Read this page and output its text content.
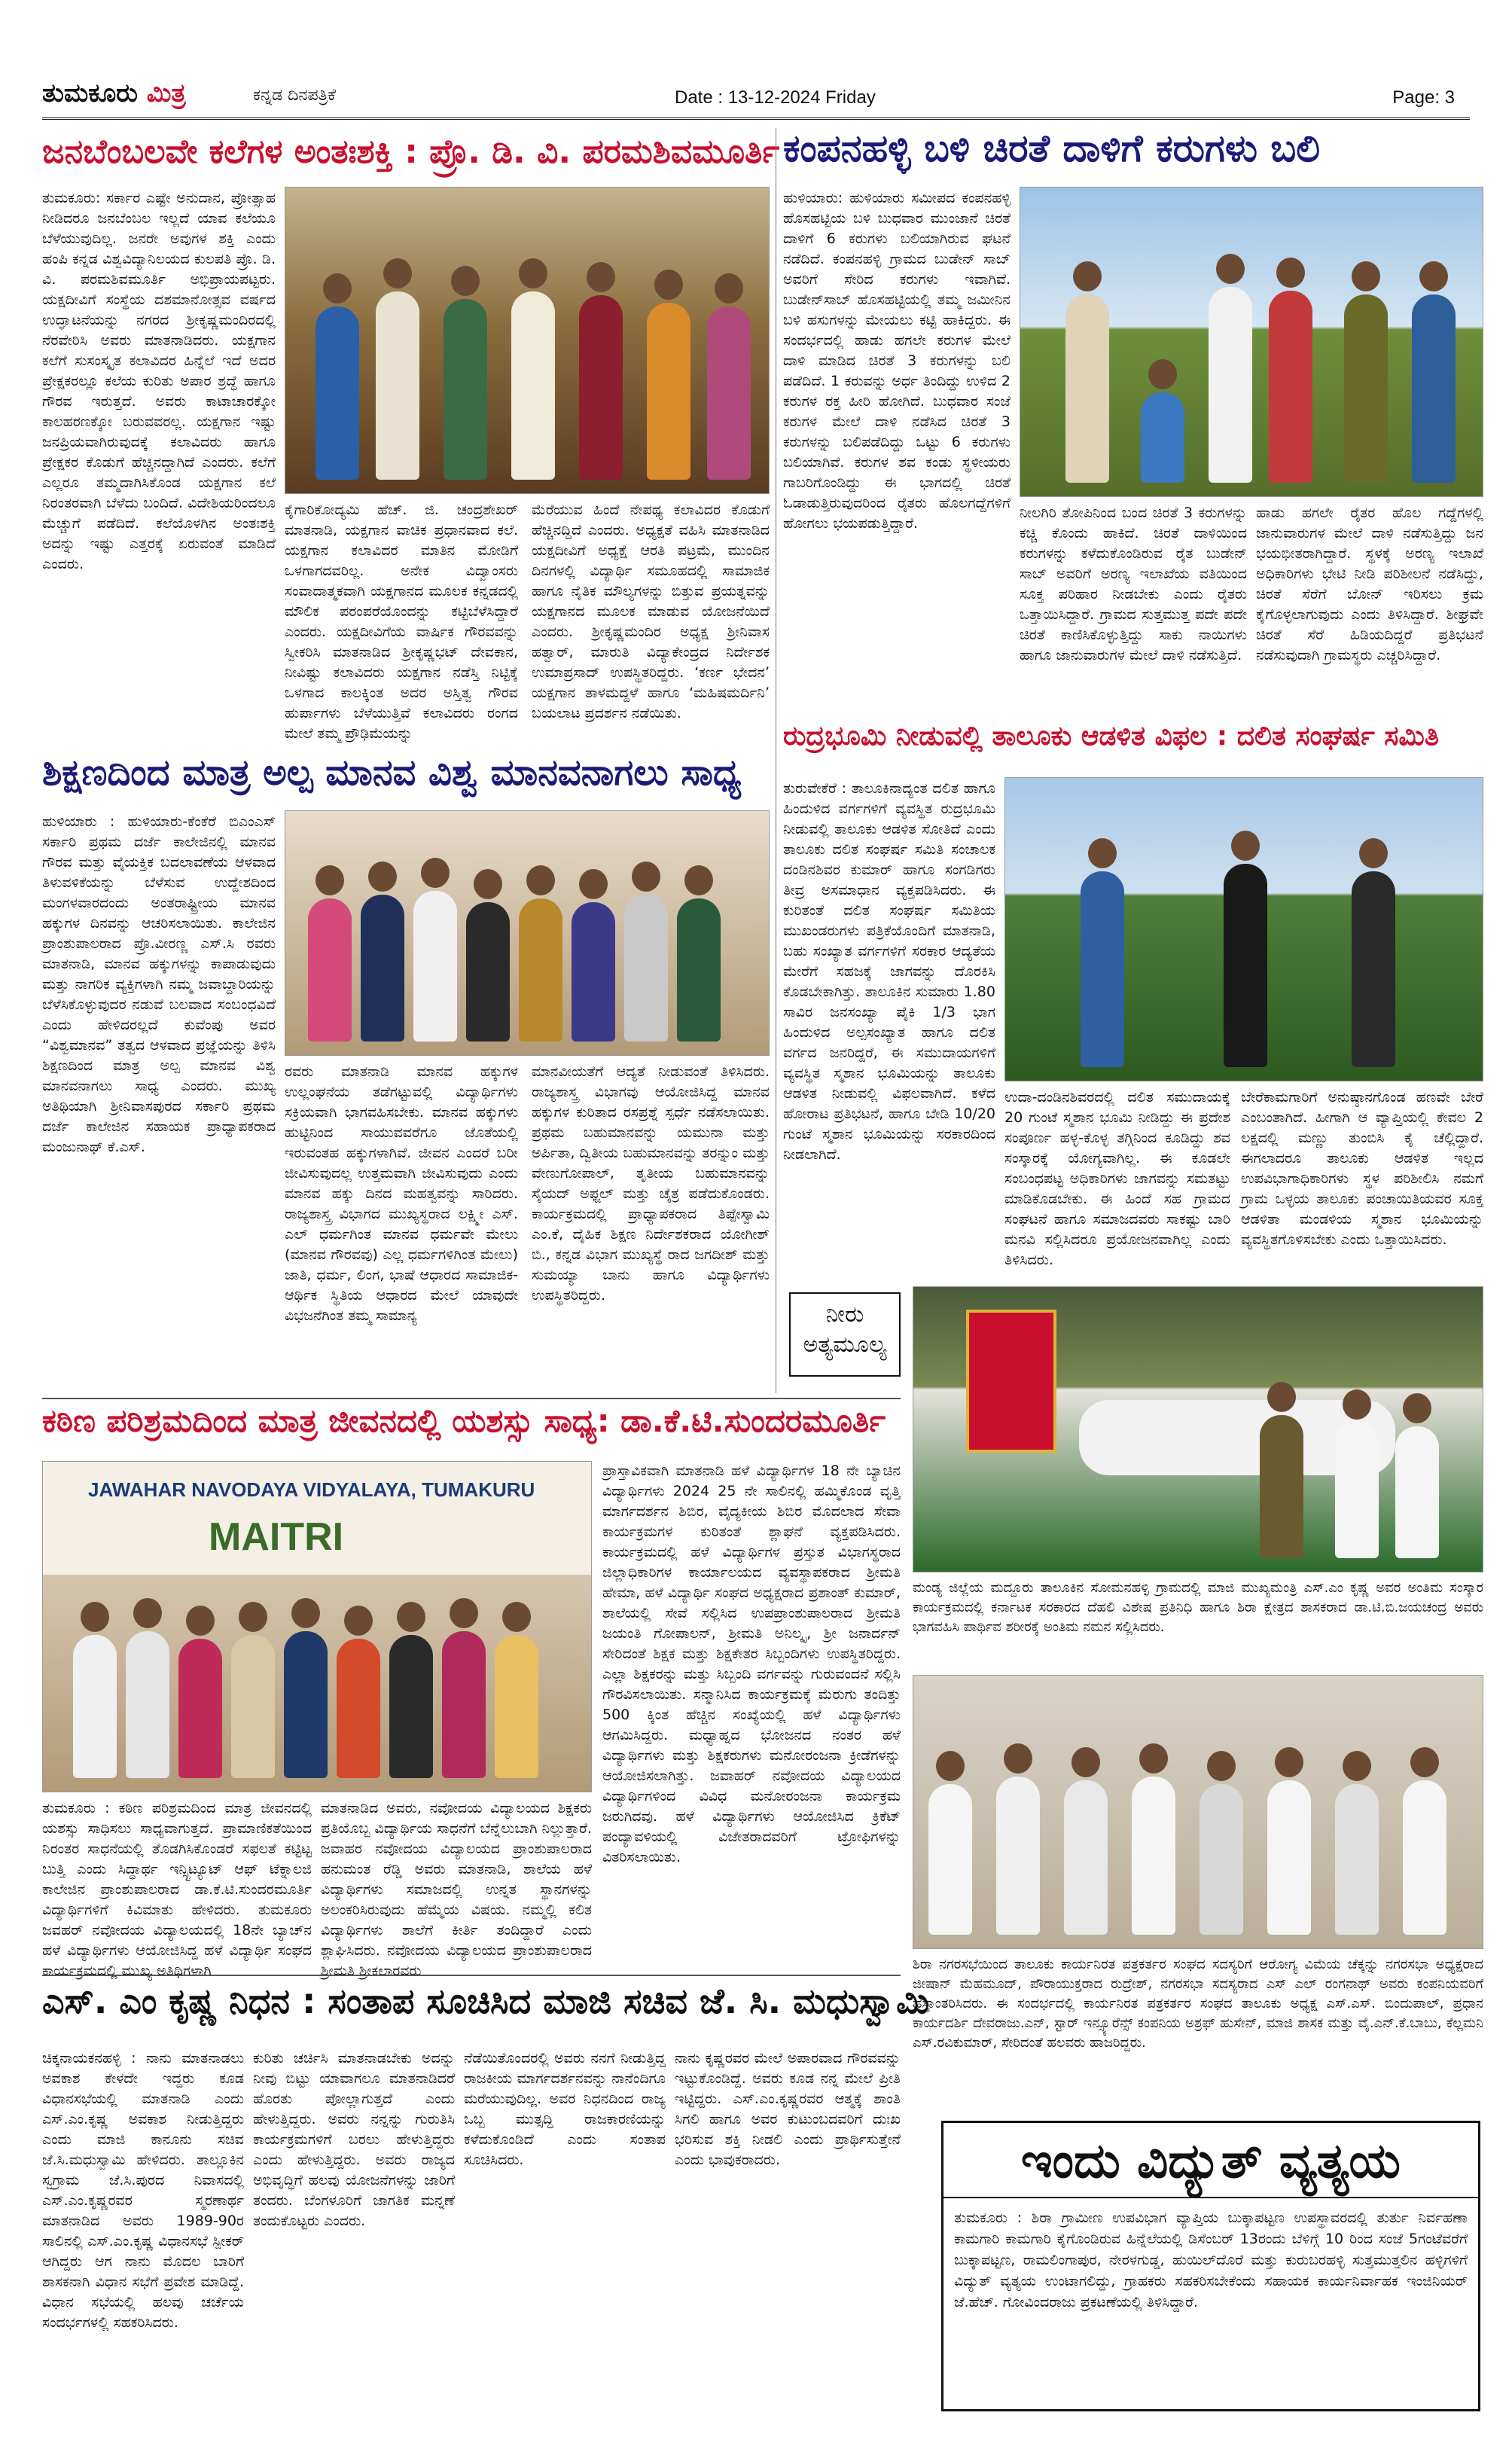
ತುಮಕೂರು ಮಿತ್ರ	ಕನ್ನಡ ದಿನಪತ್ರಿಕೆ	Date : 13-12-2024 Friday	Page: 3
ಜನಬೆಂಬಲವೇ ಕಲೆಗಳ ಅಂತಃಶಕ್ತಿ : ಪ್ರೊ. ಡಿ. ವಿ. ಪರಮಶಿವಮೂರ್ತಿ
ತುಮಕೂರು: ಸರ್ಕಾರ ಎಷ್ಟೇ ಅನುದಾನ, ಪ್ರೋತ್ಸಾಹ ನೀಡಿದರೂ ಜನಬೆಂಬಲ ಇಲ್ಲದೆ ಯಾವ ಕಲೆಯೂ ಬೆಳೆಯುವುದಿಲ್ಲ. ಜನರೇ ಅವುಗಳ ಶಕ್ತಿ ಎಂದು ಹಂಪಿ ಕನ್ನಡ ವಿಶ್ವವಿದ್ಯಾನಿಲಯದ ಕುಲಪತಿ ಪ್ರೊ. ಡಿ. ವಿ. ಪರಮಶಿವಮೂರ್ತಿ ಅಭಿಪ್ರಾಯಪಟ್ಟರು. ಯಕ್ಷದೀವಿಗೆ ಸಂಸ್ಥೆಯ ದಶಮಾನೋತ್ಸವ ವರ್ಷದ ಉದ್ಘಾಟನೆಯನ್ನು ನಗರದ ಶ್ರೀಕೃಷ್ಣಮಂದಿರದಲ್ಲಿ ನೆರವೇರಿಸಿ ಅವರು ಮಾತನಾಡಿದರು. ಯಕ್ಷಗಾನ ಕಲೆಗೆ ಸುಸಂಸ್ಕೃತ ಕಲಾವಿದರ ಹಿನ್ನೆಲೆ ಇದೆ ಅದರ ಪ್ರೇಕ್ಷಕರಲ್ಲೂ ಕಲೆಯ ಕುರಿತು ಅಪಾರ ಶ್ರದ್ಧೆ ಹಾಗೂ ಗೌರವ ಇರುತ್ತದೆ. ಅವರು ಕಾಟಾಚಾರಕ್ಕೋ ಕಾಲಹರಣಕ್ಕೋ ಬರುವವರಲ್ಲ. ಯಕ್ಷಗಾನ ಇಷ್ಟು ಜನಪ್ರಿಯವಾಗಿರುವುದಕ್ಕೆ ಕಲಾವಿದರು ಹಾಗೂ ಪ್ರೇಕ್ಷಕರ ಕೊಡುಗೆ ಹೆಚ್ಚಿನದ್ದಾಗಿದೆ ಎಂದರು. ಕಲೆಗೆ ಎಲ್ಲರೂ ತಮ್ಮದಾಗಿಸಿಕೊಂಡ ಯಕ್ಷಗಾನ ಕಲೆ ನಿರಂತರವಾಗಿ ಬೆಳೆದು ಬಂದಿದೆ. ವಿದೇಶಿಯರಿಂದಲೂ ಮೆಚ್ಚುಗೆ ಪಡೆದಿದೆ. ಕಲೆಯೊಳಗಿನ ಅಂತಃಶಕ್ತಿ ಅದನ್ನು ಇಷ್ಟು ಎತ್ತರಕ್ಕೆ ಏರುವಂತೆ ಮಾಡಿದೆ ಎಂದರು.
ಕೈಗಾರಿಕೋದ್ಯಮಿ ಹೆಚ್. ಜಿ. ಚಂದ್ರಶೇಖರ್ ಮಾತನಾಡಿ, ಯಕ್ಷಗಾನ ವಾಚಿಕ ಪ್ರಧಾನವಾದ ಕಲೆ. ಯಕ್ಷಗಾನ ಕಲಾವಿದರ ಮಾತಿನ ಮೋಡಿಗೆ ಒಳಗಾಗದವರಿಲ್ಲ. ಅನೇಕ ವಿದ್ವಾಂಸರು ಸಂವಾದಾತ್ಮಕವಾಗಿ ಯಕ್ಷಗಾನದ ಮೂಲಕ ಕನ್ನಡದಲ್ಲಿ ಮೌಲಿಕ ಪರಂಪರೆಯೊಂದನ್ನು ಕಟ್ಟಿಬೆಳೆಸಿದ್ದಾರೆ ಎಂದರು. ಯಕ್ಷದೀವಿಗೆಯ ವಾರ್ಷಿಕ ಗೌರವವನ್ನು ಸ್ವೀಕರಿಸಿ ಮಾತನಾಡಿದ ಶ್ರೀಕೃಷ್ಣಭಟ್ ದೇವಕಾನ, ನೀವಿಷ್ಟು ಕಲಾವಿದರು ಯಕ್ಷಗಾನ ನಡೆಸ್ತಿ ನಿಟ್ಟಿಕ್ಕೆ ಒಳಗಾದ ಕಾಲಕ್ಕಿಂತ ಅದರ ಅಸ್ತಿತ್ವ ಗೌರವ ಹುರ್ಪಾಗಳು ಬೆಳೆಯುತ್ತಿವೆ ಕಲಾವಿದರು ರಂಗದ ಮೇಲೆ ತಮ್ಮ ಪ್ರೌಢಿಮೆಯನ್ನು
ಮೆರೆಯುವ ಹಿಂದೆ ನೇಪಥ್ಯ ಕಲಾವಿದರ ಕೊಡುಗೆ ಹೆಚ್ಚಿನದ್ದಿದೆ ಎಂದರು. ಅಧ್ಯಕ್ಷತೆ ವಹಿಸಿ ಮಾತನಾಡಿದ ಯಕ್ಷದೀವಿಗೆ ಅಧ್ಯಕ್ಷೆ ಆರತಿ ಪಟ್ರಮೆ, ಮುಂದಿನ ದಿನಗಳಲ್ಲಿ ವಿದ್ಯಾರ್ಥಿ ಸಮೂಹದಲ್ಲಿ ಸಾಮಾಜಿಕ ಹಾಗೂ ನೈತಿಕ ಮೌಲ್ಯಗಳನ್ನು ಬಿತ್ತುವ ಪ್ರಯತ್ನವನ್ನು ಯಕ್ಷಗಾನದ ಮೂಲಕ ಮಾಡುವ ಯೋಜನೆಯಿದೆ ಎಂದರು. ಶ್ರೀಕೃಷ್ಣಮಂದಿರ ಅಧ್ಯಕ್ಷ ಶ್ರೀನಿವಾಸ ಹತ್ವಾರ್, ಮಾರುತಿ ವಿದ್ಯಾಕೇಂದ್ರದ ನಿರ್ದೇಶಕ ಉಮಾಪ್ರಸಾದ್ ಉಪಸ್ಥಿತರಿದ್ದರು. ‘ಕರ್ಣ ಭೇದನ’ ಯಕ್ಷಗಾನ ತಾಳಮದ್ದಳೆ ಹಾಗೂ ‘ಮಹಿಷಮರ್ದಿನಿ’ ಬಯಲಾಟ ಪ್ರದರ್ಶನ ನಡೆಯಿತು.
ಕಂಪನಹಳ್ಳಿ ಬಳಿ ಚಿರತೆ ದಾಳಿಗೆ ಕರುಗಳು ಬಲಿ
ಹುಳಿಯಾರು: ಹುಳಿಯಾರು ಸಮೀಪದ ಕಂಪನಹಳ್ಳಿ ಹೊಸಹಟ್ಟಿಯ ಬಳಿ ಬುಧವಾರ ಮುಂಜಾನೆ ಚಿರತೆ ದಾಳಿಗೆ 6 ಕರುಗಳು ಬಲಿಯಾಗಿರುವ ಘಟನೆ ನಡೆದಿದೆ. ಕಂಪನಹಳ್ಳಿ ಗ್ರಾಮದ ಬುಡೇನ್ ಸಾಬ್ ಅವರಿಗೆ ಸೇರಿದ ಕರುಗಳು ಇವಾಗಿವೆ. ಬುಡೇನ್‌ಸಾಬ್ ಹೊಸಹಟ್ಟಿಯಲ್ಲಿ ತಮ್ಮ ಜಮೀನಿನ ಬಳಿ ಹಸುಗಳನ್ನು ಮೇಯಲು ಕಟ್ಟಿ ಹಾಕಿದ್ದರು. ಈ ಸಂದರ್ಭದಲ್ಲಿ ಹಾಡು ಹಗಲೇ ಕರುಗಳ ಮೇಲೆ ದಾಳಿ ಮಾಡಿದ ಚಿರತೆ 3 ಕರುಗಳನ್ನು ಬಲಿ ಪಡೆದಿದೆ. 1 ಕರುವನ್ನು ಅರ್ಧ ತಿಂದಿದ್ದು ಉಳಿದ 2 ಕರುಗಳ ರಕ್ತ ಹೀರಿ ಹೋಗಿದೆ. ಬುಧವಾರ ಸಂಜೆ ಕರುಗಳ ಮೇಲೆ ದಾಳಿ ನಡೆಸಿದ ಚಿರತೆ 3 ಕರುಗಳನ್ನು ಬಲಿಪಡೆದಿದ್ದು ಒಟ್ಟು 6 ಕರುಗಳು ಬಲಿಯಾಗಿವೆ. ಕರುಗಳ ಶವ ಕಂಡು ಸ್ಥಳೀಯರು ಗಾಬರಿಗೊಂಡಿದ್ದು ಈ ಭಾಗದಲ್ಲಿ ಚಿರತೆ ಓಡಾಡುತ್ತಿರುವುದರಿಂದ ರೈತರು ಹೊಲಗದ್ದೆಗಳಿಗೆ ಹೋಗಲು ಭಯಪಡುತ್ತಿದ್ದಾರೆ.
ನೀಲಗಿರಿ ತೋಪಿನಿಂದ ಬಂದ ಚಿರತೆ 3 ಕರುಗಳನ್ನು ಕಚ್ಚಿ ಕೊಂದು ಹಾಕಿದೆ. ಚಿರತೆ ದಾಳಿಯಿಂದ ಕರುಗಳನ್ನು ಕಳೆದುಕೊಂಡಿರುವ ರೈತ ಬುಡೇನ್ ಸಾಬ್ ಅವರಿಗೆ ಅರಣ್ಯ ಇಲಾಖೆಯ ವತಿಯಿಂದ ಸೂಕ್ತ ಪರಿಹಾರ ನೀಡಬೇಕು ಎಂದು ರೈತರು ಒತ್ತಾಯಿಸಿದ್ದಾರೆ. ಗ್ರಾಮದ ಸುತ್ತಮುತ್ತ ಪದೇ ಪದೇ ಚಿರತೆ ಕಾಣಿಸಿಕೊಳ್ಳುತ್ತಿದ್ದು ಸಾಕು ನಾಯಿಗಳು ಹಾಗೂ ಜಾನುವಾರುಗಳ ಮೇಲೆ ದಾಳಿ ನಡೆಸುತ್ತಿದೆ.
ಹಾಡು ಹಗಲೇ ರೈತರ ಹೊಲ ಗದ್ದೆಗಳಲ್ಲಿ ಜಾನುವಾರುಗಳ ಮೇಲೆ ದಾಳಿ ನಡೆಸುತ್ತಿದ್ದು ಜನ ಭಯಭೀತರಾಗಿದ್ದಾರೆ. ಸ್ಥಳಕ್ಕೆ ಅರಣ್ಯ ಇಲಾಖೆ ಅಧಿಕಾರಿಗಳು ಭೇಟಿ ನೀಡಿ ಪರಿಶೀಲನೆ ನಡೆಸಿದ್ದು, ಚಿರತೆ ಸೆರೆಗೆ ಬೋನ್ ಇರಿಸಲು ಕ್ರಮ ಕೈಗೊಳ್ಳಲಾಗುವುದು ಎಂದು ತಿಳಿಸಿದ್ದಾರೆ. ಶೀಘ್ರವೇ ಚಿರತೆ ಸೆರೆ ಹಿಡಿಯದಿದ್ದರೆ ಪ್ರತಿಭಟನೆ ನಡೆಸುವುದಾಗಿ ಗ್ರಾಮಸ್ಥರು ಎಚ್ಚರಿಸಿದ್ದಾರೆ.
ಶಿಕ್ಷಣದಿಂದ ಮಾತ್ರ ಅಲ್ಪ ಮಾನವ ವಿಶ್ವ ಮಾನವನಾಗಲು ಸಾಧ್ಯ
ಹುಳಿಯಾರು : ಹುಳಿಯಾರು-ಕೆಂಕೆರೆ ಬಿಎಂಎಸ್ ಸರ್ಕಾರಿ ಪ್ರಥಮ ದರ್ಜೆ ಕಾಲೇಜಿನಲ್ಲಿ ಮಾನವ ಗೌರವ ಮತ್ತು ವೈಯಕ್ತಿಕ ಬದಲಾವಣೆಯ ಆಳವಾದ ತಿಳುವಳಿಕೆಯನ್ನು ಬೆಳೆಸುವ ಉದ್ದೇಶದಿಂದ ಮಂಗಳವಾರದಂದು ಅಂತರಾಷ್ಟ್ರೀಯ ಮಾನವ ಹಕ್ಕುಗಳ ದಿನವನ್ನು ಆಚರಿಸಲಾಯಿತು. ಕಾಲೇಜಿನ ಪ್ರಾಂಶುಪಾಲರಾದ ಪ್ರೊ.ವೀರಣ್ಣ ಎಸ್.ಸಿ ರವರು ಮಾತನಾಡಿ, ಮಾನವ ಹಕ್ಕುಗಳನ್ನು ಕಾಪಾಡುವುದು ಮತ್ತು ನಾಗರಿಕ ವ್ಯಕ್ತಿಗಳಾಗಿ ನಮ್ಮ ಜವಾಬ್ದಾರಿಯನ್ನು ಬೆಳೆಸಿಕೊಳ್ಳುವುದರ ನಡುವೆ ಬಲವಾದ ಸಂಬಂಧವಿದೆ ಎಂದು ಹೇಳಿದರಲ್ಲದೆ ಕುವೆಂಪು ಅವರ “ವಿಶ್ವಮಾನವ” ತತ್ವದ ಆಳವಾದ ಪ್ರಜ್ಞೆಯನ್ನು ತಿಳಿಸಿ ಶಿಕ್ಷಣದಿಂದ ಮಾತ್ರ ಅಲ್ಪ ಮಾನವ ವಿಶ್ವ ಮಾನವನಾಗಲು ಸಾಧ್ಯ ಎಂದರು. ಮುಖ್ಯ ಅತಿಥಿಯಾಗಿ ಶ್ರೀನಿವಾಸಪುರದ ಸರ್ಕಾರಿ ಪ್ರಥಮ ದರ್ಜೆ ಕಾಲೇಜಿನ ಸಹಾಯಕ ಪ್ರಾಧ್ಯಾಪಕರಾದ ಮಂಜುನಾಥ್ ಕೆ.ಎಸ್.
ರವರು ಮಾತನಾಡಿ ಮಾನವ ಹಕ್ಕುಗಳ ಉಲ್ಲಂಘನೆಯ ತಡೆಗಟ್ಟುವಲ್ಲಿ ವಿದ್ಯಾರ್ಥಿಗಳು ಸಕ್ರಿಯವಾಗಿ ಭಾಗವಹಿಸಬೇಕು. ಮಾನವ ಹಕ್ಕುಗಳು ಹುಟ್ಟಿನಿಂದ ಸಾಯುವವರೆಗೂ ಜೊತೆಯಲ್ಲಿ ಇರುವಂತಹ ಹಕ್ಕುಗಳಾಗಿವೆ. ಜೀವನ ಎಂದರೆ ಬರೀ ಜೀವಿಸುವುದಲ್ಲ ಉತ್ತಮವಾಗಿ ಜೀವಿಸುವುದು ಎಂದು ಮಾನವ ಹಕ್ಕು ದಿನದ ಮಹತ್ವವನ್ನು ಸಾರಿದರು. ರಾಜ್ಯಶಾಸ್ತ್ರ ವಿಭಾಗದ ಮುಖ್ಯಸ್ಥರಾದ ಲಕ್ಷ್ಮೀ ಎಸ್. ಎಲ್ ಧರ್ಮಗಿಂತ ಮಾನವ ಧರ್ಮವೇ ಮೇಲು (ಮಾನವ ಗೌರವವು) ಎಲ್ಲ ಧರ್ಮಗಳಿಗಿಂತ ಮೇಲು) ಜಾತಿ, ಧರ್ಮ, ಲಿಂಗ, ಭಾಷೆ ಆಧಾರದ ಸಾಮಾಜಿಕ-ಆರ್ಥಿಕ ಸ್ಥಿತಿಯ ಆಧಾರದ ಮೇಲೆ ಯಾವುದೇ ವಿಭಜನೆಗಿಂತ ತಮ್ಮ ಸಾಮಾನ್ಯ
ಮಾನವೀಯತೆಗೆ ಆದ್ಯತೆ ನೀಡುವಂತೆ ತಿಳಿಸಿದರು. ರಾಜ್ಯಶಾಸ್ತ್ರ ವಿಭಾಗವು ಆಯೋಜಿಸಿದ್ದ ಮಾನವ ಹಕ್ಕುಗಳ ಕುರಿತಾದ ರಸಪ್ರಶ್ನೆ ಸ್ಪರ್ಧೆ ನಡೆಸಲಾಯಿತು. ಪ್ರಥಮ ಬಹುಮಾನವನ್ನು ಯಮುನಾ ಮತ್ತು ಅರ್ಪಿತಾ, ದ್ವಿತೀಯ ಬಹುಮಾನವನ್ನು ತರನ್ನುಂ ಮತ್ತು ವೇಣುಗೋಪಾಲ್, ತೃತೀಯ ಬಹುಮಾನವನ್ನು ಸೈಯದ್ ಅಫ್ಜಲ್ ಮತ್ತು ಚೈತ್ರ ಪಡೆದುಕೊಂಡರು. ಕಾರ್ಯಕ್ರಮದಲ್ಲಿ ಪ್ರಾಧ್ಯಾಪಕರಾದ ತಿಪ್ಪೇಸ್ವಾಮಿ ಎಂ.ಕೆ, ದೈಹಿಕ ಶಿಕ್ಷಣ ನಿರ್ದೇಶಕರಾದ ಯೋಗೀಶ್ ಬಿ., ಕನ್ನಡ ವಿಭಾಗ ಮುಖ್ಯಸ್ಥೆ ರಾದ ಜಗದೀಶ್ ಮತ್ತು ಸುಮಯ್ಯಾ ಬಾನು ಹಾಗೂ ವಿದ್ಯಾರ್ಥಿಗಳು ಉಪಸ್ಥಿತರಿದ್ದರು.
ರುದ್ರಭೂಮಿ ನೀಡುವಲ್ಲಿ ತಾಲೂಕು ಆಡಳಿತ ವಿಫಲ : ದಲಿತ ಸಂಘರ್ಷ ಸಮಿತಿ
ತುರುವೇಕೆರೆ : ತಾಲೂಕಿನಾದ್ಯಂತ ದಲಿತ ಹಾಗೂ ಹಿಂದುಳಿದ ವರ್ಗಗಳಿಗೆ ವ್ಯವಸ್ಥಿತ ರುದ್ರಭೂಮಿ ನೀಡುವಲ್ಲಿ ತಾಲೂಕು ಆಡಳಿತ ಸೋತಿದೆ ಎಂದು ತಾಲೂಕು ದಲಿತ ಸಂಘರ್ಷ ಸಮಿತಿ ಸಂಚಾಲಕ ದಂಡಿನಶಿವರ ಕುಮಾರ್ ಹಾಗೂ ಸಂಗಡಿಗರು ತೀವ್ರ ಅಸಮಾಧಾನ ವ್ಯಕ್ತಪಡಿಸಿದರು. ಈ ಕುರಿತಂತೆ ದಲಿತ ಸಂಘರ್ಷ ಸಮಿತಿಯ ಮುಖಂಡರುಗಳು ಪತ್ರಿಕೆಯೊಂದಿಗೆ ಮಾತನಾಡಿ, ಬಹು ಸಂಖ್ಯಾತ ವರ್ಗಗಳಿಗೆ ಸರಕಾರ ಆದ್ಯತೆಯ ಮೇರೆಗೆ ಸಹಜಕ್ಕೆ ಜಾಗವನ್ನು ದೊರಕಿಸಿ ಕೊಡಬೇಕಾಗಿತ್ತು. ತಾಲೂಕಿನ ಸುಮಾರು 1.80 ಸಾವಿರ ಜನಸಂಖ್ಯಾ ಪೈಕಿ 1/3 ಭಾಗ ಹಿಂದುಳಿದ ಅಲ್ಪಸಂಖ್ಯಾತ ಹಾಗೂ ದಲಿತ ವರ್ಗದ ಜನರಿದ್ದರೆ, ಈ ಸಮುದಾಯಗಳಿಗೆ ವ್ಯವಸ್ಥಿತ ಸ್ಮಶಾನ ಭೂಮಿಯನ್ನು ತಾಲೂಕು ಆಡಳಿತ ನೀಡುವಲ್ಲಿ ವಿಫಲವಾಗಿದೆ. ಕಳೆದ ಹೋರಾಟ ಪ್ರತಿಭಟನೆ, ಹಾಗೂ ಬೇಡಿ 10/20 ಗುಂಟೆ ಸ್ಮಶಾನ ಭೂಮಿಯನ್ನು ಸರಕಾರದಿಂದ ನೀಡಲಾಗಿದೆ.
ಉದಾ-ದಂಡಿನಶಿವರದಲ್ಲಿ ದಲಿತ ಸಮುದಾಯಕ್ಕೆ 20 ಗುಂಟೆ ಸ್ಮಶಾನ ಭೂಮಿ ನೀಡಿದ್ದು ಈ ಪ್ರದೇಶ ಸಂಪೂರ್ಣ ಹಳ್ಳ-ಕೊಳ್ಳ ತಗ್ಗಿನಿಂದ ಕೂಡಿದ್ದು ಶವ ಸಂಸ್ಕಾರಕ್ಕೆ ಯೋಗ್ಯವಾಗಿಲ್ಲ. ಈ ಕೂಡಲೇ ಸಂಬಂಧಪಟ್ಟ ಅಧಿಕಾರಿಗಳು ಜಾಗವನ್ನು ಸಮತಟ್ಟು ಮಾಡಿಕೊಡಬೇಕು. ಈ ಹಿಂದೆ ಸಹ ಗ್ರಾಮದ ಸಂಘಟನೆ ಹಾಗೂ ಸಮಾಜದವರು ಸಾಕಷ್ಟು ಬಾರಿ ಮನವಿ ಸಲ್ಲಿಸಿದರೂ ಪ್ರಯೋಜನವಾಗಿಲ್ಲ ಎಂದು ತಿಳಿಸಿದರು.
ಬೇರೆಕಾಮಗಾರಿಗೆ ಅನುಷ್ಠಾನಗೊಂಡ ಹಣವೇ ಬೇರೆ ಎಂಬಂತಾಗಿದೆ. ಹೀಗಾಗಿ ಆ ವ್ಯಾಪ್ತಿಯಲ್ಲಿ ಕೇವಲ 2 ಲಕ್ಷದಲ್ಲಿ ಮಣ್ಣು ತುಂಬಿಸಿ ಕೈ ಚೆಲ್ಲಿದ್ದಾರೆ. ಈಗಲಾದರೂ ತಾಲೂಕು ಆಡಳಿತ ಇಲ್ಲದ ಉಪವಿಭಾಗಾಧಿಕಾರಿಗಳು ಸ್ಥಳ ಪರಿಶೀಲಿಸಿ ನಮಗೆ ಗ್ರಾಮ ಒಳ್ಳಯ ತಾಲೂಕು ಪಂಚಾಯಿತಿಯವರ ಸೂಕ್ತ ಆಡಳಿತಾ ಮಂಡಳಿಯ ಸ್ಮಶಾನ ಭೂಮಿಯನ್ನು ವ್ಯವಸ್ಥಿತಗೊಳಿಸಬೇಕು ಎಂದು ಒತ್ತಾಯಿಸಿದರು.
ನೀರು
ಅತ್ಯಮೂಲ್ಯ
ಮಂಡ್ಯ ಜಿಲ್ಲೆಯ ಮದ್ದೂರು ತಾಲೂಕಿನ ಸೋಮನಹಳ್ಳಿ ಗ್ರಾಮದಲ್ಲಿ ಮಾಜಿ ಮುಖ್ಯಮಂತ್ರಿ ಎಸ್.ಎಂ ಕೃಷ್ಣ ಅವರ ಅಂತಿಮ ಸಂಸ್ಕಾರ ಕಾರ್ಯಕ್ರಮದಲ್ಲಿ ಕರ್ನಾಟಕ ಸರಕಾರದ ದೆಹಲಿ ವಿಶೇಷ ಪ್ರತಿನಿಧಿ ಹಾಗೂ ಶಿರಾ ಕ್ಷೇತ್ರದ ಶಾಸಕರಾದ ಡಾ.ಟಿ.ಬಿ.ಜಯಚಂದ್ರ ಅವರು ಭಾಗವಹಿಸಿ ಪಾರ್ಥಿವ ಶರೀರಕ್ಕೆ ಅಂತಿಮ ನಮನ ಸಲ್ಲಿಸಿದರು.
ಕಠಿಣ ಪರಿಶ್ರಮದಿಂದ ಮಾತ್ರ ಜೀವನದಲ್ಲಿ ಯಶಸ್ಸು ಸಾಧ್ಯ: ಡಾ.ಕೆ.ಟಿ.ಸುಂದರಮೂರ್ತಿ
JAWAHAR NAVODAYA VIDYALAYA, TUMAKURU
MAITRI
ತುಮಕೂರು : ಕಠಿಣ ಪರಿಶ್ರಮದಿಂದ ಮಾತ್ರ ಜೀವನದಲ್ಲಿ ಯಶಸ್ಸು ಸಾಧಿಸಲು ಸಾಧ್ಯವಾಗುತ್ತದೆ. ಪ್ರಾಮಾಣಿಕತೆಯಿಂದ ನಿರಂತರ ಸಾಧನೆಯಲ್ಲಿ ತೊಡಗಿಸಿಕೊಂಡರೆ ಸಫಲತೆ ಕಟ್ಟಿಟ್ಟ ಬುತ್ತಿ ಎಂದು ಸಿದ್ಧಾರ್ಥ ಇನ್ಸ್ಟಿಟ್ಯೂಟ್ ಆಫ್ ಟೆಕ್ನಾಲಜಿ ಕಾಲೇಜಿನ ಪ್ರಾಂಶುಪಾಲರಾದ ಡಾ.ಕೆ.ಟಿ.ಸುಂದರಮೂರ್ತಿ ವಿದ್ಯಾರ್ಥಿಗಳಿಗೆ ಕಿವಿಮಾತು ಹೇಳಿದರು. ತುಮಕೂರು ಜವಹರ್ ನವೋದಯ ವಿದ್ಯಾಲಯದಲ್ಲಿ 18ನೇ ಬ್ಯಾಚ್‌ನ ಹಳೆ ವಿದ್ಯಾರ್ಥಿಗಳು ಆಯೋಜಿಸಿದ್ದ ಹಳೆ ವಿದ್ಯಾರ್ಥಿ ಸಂಘದ ಕಾರ್ಯಕ್ರಮದಲ್ಲಿ ಮುಖ್ಯ ಅತಿಥಿಗಳಾಗಿ
ಮಾತನಾಡಿದ ಅವರು, ನವೋದಯ ವಿದ್ಯಾಲಯದ ಶಿಕ್ಷಕರು ಪ್ರತಿಯೊಬ್ಬ ವಿದ್ಯಾರ್ಥಿಯ ಸಾಧನೆಗೆ ಬೆನ್ನೆಲುಬಾಗಿ ನಿಲ್ಲುತ್ತಾರೆ. ಜವಾಹರ ನವೋದಯ ವಿದ್ಯಾಲಯದ ಪ್ರಾಂಶುಪಾಲರಾದ ಹನುಮಂತ ರೆಡ್ಡಿ ಅವರು ಮಾತನಾಡಿ, ಶಾಲೆಯ ಹಳೆ ವಿದ್ಯಾರ್ಥಿಗಳು ಸಮಾಜದಲ್ಲಿ ಉನ್ನತ ಸ್ಥಾನಗಳನ್ನು ಅಲಂಕರಿಸಿರುವುದು ಹೆಮ್ಮೆಯ ವಿಷಯ. ನಮ್ಮಲ್ಲಿ ಕಲಿತ ವಿದ್ಯಾರ್ಥಿಗಳು ಶಾಲೆಗೆ ಕೀರ್ತಿ ತಂದಿದ್ದಾರೆ ಎಂದು ಶ್ಲಾಘಿಸಿದರು. ನವೋದಯ ವಿದ್ಯಾಲಯದ ಪ್ರಾಂಶುಪಾಲರಾದ ಶ್ರೀಮತಿ ಶ್ರೀಕಲಾರವರು
ಪ್ರಾಸ್ತಾವಿಕವಾಗಿ ಮಾತನಾಡಿ ಹಳೆ ವಿದ್ಯಾರ್ಥಿಗಳ 18 ನೇ ಬ್ಯಾಚಿನ ವಿದ್ಯಾರ್ಥಿಗಳು 2024 25 ನೇ ಸಾಲಿನಲ್ಲಿ ಹಮ್ಮಿಕೊಂಡ ವೃತ್ತಿ ಮಾರ್ಗದರ್ಶನ ಶಿಬಿರ, ವೈದ್ಯಕೀಯ ಶಿಬಿರ ಮೊದಲಾದ ಸೇವಾ ಕಾರ್ಯಕ್ರಮಗಳ ಕುರಿತಂತೆ ಶ್ಲಾಘನೆ ವ್ಯಕ್ತಪಡಿಸಿದರು. ಕಾರ್ಯಕ್ರಮದಲ್ಲಿ ಹಳೆ ವಿದ್ಯಾರ್ಥಿಗಳ ಪ್ರಸ್ತುತ ವಿಭಾಗಸ್ಥರಾದ ಜಿಲ್ಲಾಧಿಕಾರಿಗಳ ಕಾರ್ಯಾಲಯದ ವ್ಯವಸ್ಥಾಪಕರಾದ ಶ್ರೀಮತಿ ಹೇಮಾ, ಹಳೆ ವಿದ್ಯಾರ್ಥಿ ಸಂಘದ ಅಧ್ಯಕ್ಷರಾದ ಪ್ರಶಾಂತ್ ಕುಮಾರ್, ಶಾಲೆಯಲ್ಲಿ ಸೇವೆ ಸಲ್ಲಿಸಿದ ಉಪಪ್ರಾಂಶುಪಾಲರಾದ ಶ್ರೀಮತಿ ಜಯಂತಿ ಗೋಪಾಲನ್, ಶ್ರೀಮತಿ ಅನಿಲ್ಕೃ, ಶ್ರೀ ಜನಾರ್ದನ್ ಸೇರಿದಂತೆ ಶಿಕ್ಷಕ ಮತ್ತು ಶಿಕ್ಷಕೇತರ ಸಿಬ್ಬಂದಿಗಳು ಉಪಸ್ಥಿತರಿದ್ದರು. ಎಲ್ಲಾ ಶಿಕ್ಷಕರನ್ನು ಮತ್ತು ಸಿಬ್ಬಂದಿ ವರ್ಗವನ್ನು ಗುರುವಂದನೆ ಸಲ್ಲಿಸಿ ಗೌರವಿಸಲಾಯಿತು. ಸನ್ಮಾನಿಸಿದ ಕಾರ್ಯಕ್ರಮಕ್ಕೆ ಮೆರುಗು ತಂದಿತ್ತು 500 ಕ್ಕಿಂತ ಹೆಚ್ಚಿನ ಸಂಖ್ಯೆಯಲ್ಲಿ ಹಳೆ ವಿದ್ಯಾರ್ಥಿಗಳು ಆಗಮಿಸಿದ್ದರು. ಮಧ್ಯಾಹ್ನದ ಭೋಜನದ ನಂತರ ಹಳೆ ವಿದ್ಯಾರ್ಥಿಗಳು ಮತ್ತು ಶಿಕ್ಷಕರುಗಳು ಮನೋರಂಜನಾ ಕ್ರೀಡೆಗಳನ್ನು ಆಯೋಜಿಸಲಾಗಿತ್ತು. ಜವಾಹರ್ ನವೋದಯ ವಿದ್ಯಾಲಯದ ವಿದ್ಯಾರ್ಥಿಗಳಿಂದ ವಿವಿಧ ಮನೋರಂಜನಾ ಕಾರ್ಯಕ್ರಮ ಜರುಗಿದವು. ಹಳೆ ವಿದ್ಯಾರ್ಥಿಗಳು ಆಯೋಜಿಸಿದ ಕ್ರಿಕೆಟ್ ಪಂದ್ಯಾವಳಿಯಲ್ಲಿ ವಿಜೇತರಾದವರಿಗೆ ಟ್ರೋಫಿಗಳನ್ನು ವಿತರಿಸಲಾಯಿತು.
ಶಿರಾ ನಗರಸಭೆಯಿಂದ ತಾಲೂಕು ಕಾರ್ಯನಿರತ ಪತ್ರಕರ್ತರ ಸಂಘದ ಸದಸ್ಯರಿಗೆ ಆರೋಗ್ಯ ವಿಮೆಯ ಚೆಕ್ಕನ್ನು ನಗರಸಭಾ ಅಧ್ಯಕ್ಷರಾದ ಜೀಷಾನ್ ಮೆಹಮೂದ್, ಪೌರಾಯುಕ್ತರಾದ ರುದ್ರೇಶ್, ನಗರಸಭಾ ಸದಸ್ಯರಾದ ಎಸ್ ಎಲ್ ರಂಗನಾಥ್ ಅವರು ಕಂಪನಿಯವರಿಗೆ ಹಸ್ತಾಂತರಿಸಿದರು. ಈ ಸಂದರ್ಭದಲ್ಲಿ ಕಾರ್ಯನಿರತ ಪತ್ರಕರ್ತರ ಸಂಘದ ತಾಲೂಕು ಅಧ್ಯಕ್ಷ ಎಸ್.ಎಸ್. ಬಿಂದುಪಾಲ್, ಪ್ರಧಾನ ಕಾರ್ಯದರ್ಶಿ ದೇವರಾಜು.ಎನ್, ಸ್ಟಾರ್ ಇನ್ಸ್ಯೂರೆನ್ಸ್ ಕಂಪನಿಯ ಅಶ್ರಫ್ ಹುಸೇನ್, ಮಾಜಿ ಶಾಸಕ ಮತ್ತು ವೈ.ಎನ್.ಕೆ.ಬಾಬು, ಕೆಲ್ಲಮನಿ ಎಸ್.ರವಿಕುಮಾರ್, ಸೇರಿದಂತೆ ಹಲವರು ಹಾಜರಿದ್ದರು.
ಎಸ್. ಎಂ ಕೃಷ್ಣ ನಿಧನ : ಸಂತಾಪ ಸೂಚಿಸಿದ ಮಾಜಿ ಸಚಿವ ಜೆ. ಸಿ. ಮಧುಸ್ವಾಮಿ
ಚಿಕ್ಕನಾಯಕನಹಳ್ಳಿ : ನಾನು ಮಾತನಾಡಲು ಅವಕಾಶ ಕೇಳದೇ ಇದ್ದರು ಕೂಡ ವಿಧಾನಸಭೆಯಲ್ಲಿ ಮಾತನಾಡಿ ಎಂದು ಎಸ್.ಎಂ.ಕೃಷ್ಣ ಅವಕಾಶ ನೀಡುತ್ತಿದ್ದರು ಎಂದು ಮಾಜಿ ಕಾನೂನು ಸಚಿವ ಜೆ.ಸಿ.ಮಧುಸ್ವಾಮಿ ಹೇಳಿದರು. ತಾಲ್ಲೂಕಿನ ಸ್ವಗ್ರಾಮ ಜೆ.ಸಿ.ಪುರದ ನಿವಾಸದಲ್ಲಿ ಎಸ್.ಎಂ.ಕೃಷ್ಣರವರ ಸ್ಮರಣಾರ್ಥ ಮಾತನಾಡಿದ ಅವರು 1989-90ರ ಸಾಲಿನಲ್ಲಿ ಎಸ್.ಎಂ.ಕೃಷ್ಣ ವಿಧಾನಸಭೆ ಸ್ಪೀಕರ್ ಆಗಿದ್ದರು ಆಗ ನಾನು ಮೊದಲ ಬಾರಿಗೆ ಶಾಸಕನಾಗಿ ವಿಧಾನ ಸಭೆಗೆ ಪ್ರವೇಶ ಮಾಡಿದ್ದೆ. ವಿಧಾನ ಸಭೆಯಲ್ಲಿ ಹಲವು ಚರ್ಚೆಯ ಸಂದರ್ಭಗಳಲ್ಲಿ ಸಹಕರಿಸಿದರು.
ಕುರಿತು ಚರ್ಚಿಸಿ ಮಾತನಾಡಬೇಕು ಅದನ್ನು ನೀವು ಬಿಟ್ಟು ಯಾವಾಗಲೂ ಮಾತನಾಡಿದರೆ ಹೊರತು ಪೋಲ್ಲಾಗುತ್ತದೆ ಎಂದು ಹೇಳುತ್ತಿದ್ದರು. ಅವರು ನನ್ನನ್ನು ಗುರುತಿಸಿ ಕಾರ್ಯಕ್ರಮಗಳಿಗೆ ಬರಲು ಹೇಳುತ್ತಿದ್ದರು ಎಂದು ಹೇಳುತ್ತಿದ್ದರು. ಅವರು ರಾಜ್ಯದ ಅಭಿವೃದ್ಧಿಗೆ ಹಲವು ಯೋಜನೆಗಳನ್ನು ಜಾರಿಗೆ ತಂದರು. ಬೆಂಗಳೂರಿಗೆ ಜಾಗತಿಕ ಮನ್ನಣೆ ತಂದುಕೊಟ್ಟರು ಎಂದರು.
ನೆಡೆಯಿತೊಂದರಲ್ಲಿ ಅವರು ನನಗೆ ನೀಡುತ್ತಿದ್ದ ರಾಜಕೀಯ ಮಾರ್ಗದರ್ಶನವನ್ನು ನಾನೆಂದಿಗೂ ಮರೆಯುವುದಿಲ್ಲ. ಅವರ ನಿಧನದಿಂದ ರಾಜ್ಯ ಒಬ್ಬ ಮುತ್ಸದ್ದಿ ರಾಜಕಾರಣಿಯನ್ನು ಕಳೆದುಕೊಂಡಿದೆ ಎಂದು ಸಂತಾಪ ಸೂಚಿಸಿದರು.
ನಾನು ಕೃಷ್ಣರವರ ಮೇಲೆ ಅಪಾರವಾದ ಗೌರವವನ್ನು ಇಟ್ಟುಕೊಂಡಿದ್ದೆ. ಅವರು ಕೂಡ ನನ್ನ ಮೇಲೆ ಪ್ರೀತಿ ಇಟ್ಟಿದ್ದರು. ಎಸ್.ಎಂ.ಕೃಷ್ಣರವರ ಆತ್ಮಕ್ಕೆ ಶಾಂತಿ ಸಿಗಲಿ ಹಾಗೂ ಅವರ ಕುಟುಂಬದವರಿಗೆ ದುಃಖ ಭರಿಸುವ ಶಕ್ತಿ ನೀಡಲಿ ಎಂದು ಪ್ರಾರ್ಥಿಸುತ್ತೇನೆ ಎಂದು ಭಾವುಕರಾದರು.	ಇಂದು ವಿದ್ಯುತ್ ವ್ಯತ್ಯಯ
ತುಮಕೂರು : ಶಿರಾ ಗ್ರಾಮೀಣ ಉಪವಿಭಾಗ ವ್ಯಾಪ್ತಿಯ ಬುಕ್ಕಾಪಟ್ಟಣ ಉಪಸ್ಥಾವರದಲ್ಲಿ ತುರ್ತು ನಿರ್ವಹಣಾ ಕಾಮಗಾರಿ ಕಾಮಗಾರಿ ಕೈಗೊಂಡಿರುವ ಹಿನ್ನೆಲೆಯಲ್ಲಿ ಡಿಸೆಂಬರ್ 13ರಂದು ಬೆಳಿಗ್ಗೆ 10 ರಿಂದ ಸಂಜೆ 5ಗಂಟೆವರೆಗೆ ಬುಕ್ಕಾಪಟ್ಟಣ, ರಾಮಲಿಂಗಾಪುರ, ನೇರಳಗುಡ್ಡ, ಹುಯಿಲ್‌ದೊರೆ ಮತ್ತು ಕುರುಬರಹಳ್ಳಿ ಸುತ್ತಮುತ್ತಲಿನ ಹಳ್ಳಿಗಳಿಗೆ ವಿದ್ಯುತ್ ವ್ಯತ್ಯಯ ಉಂಟಾಗಲಿದ್ದು, ಗ್ರಾಹಕರು ಸಹಕರಿಸಬೇಕೆಂದು ಸಹಾಯಕ ಕಾರ್ಯನಿರ್ವಾಹಕ ಇಂಜಿನಿಯರ್ ಜೆ.ಹೆಚ್. ಗೋವಿಂದರಾಜು ಪ್ರಕಟಣೆಯಲ್ಲಿ ತಿಳಿಸಿದ್ದಾರೆ.
